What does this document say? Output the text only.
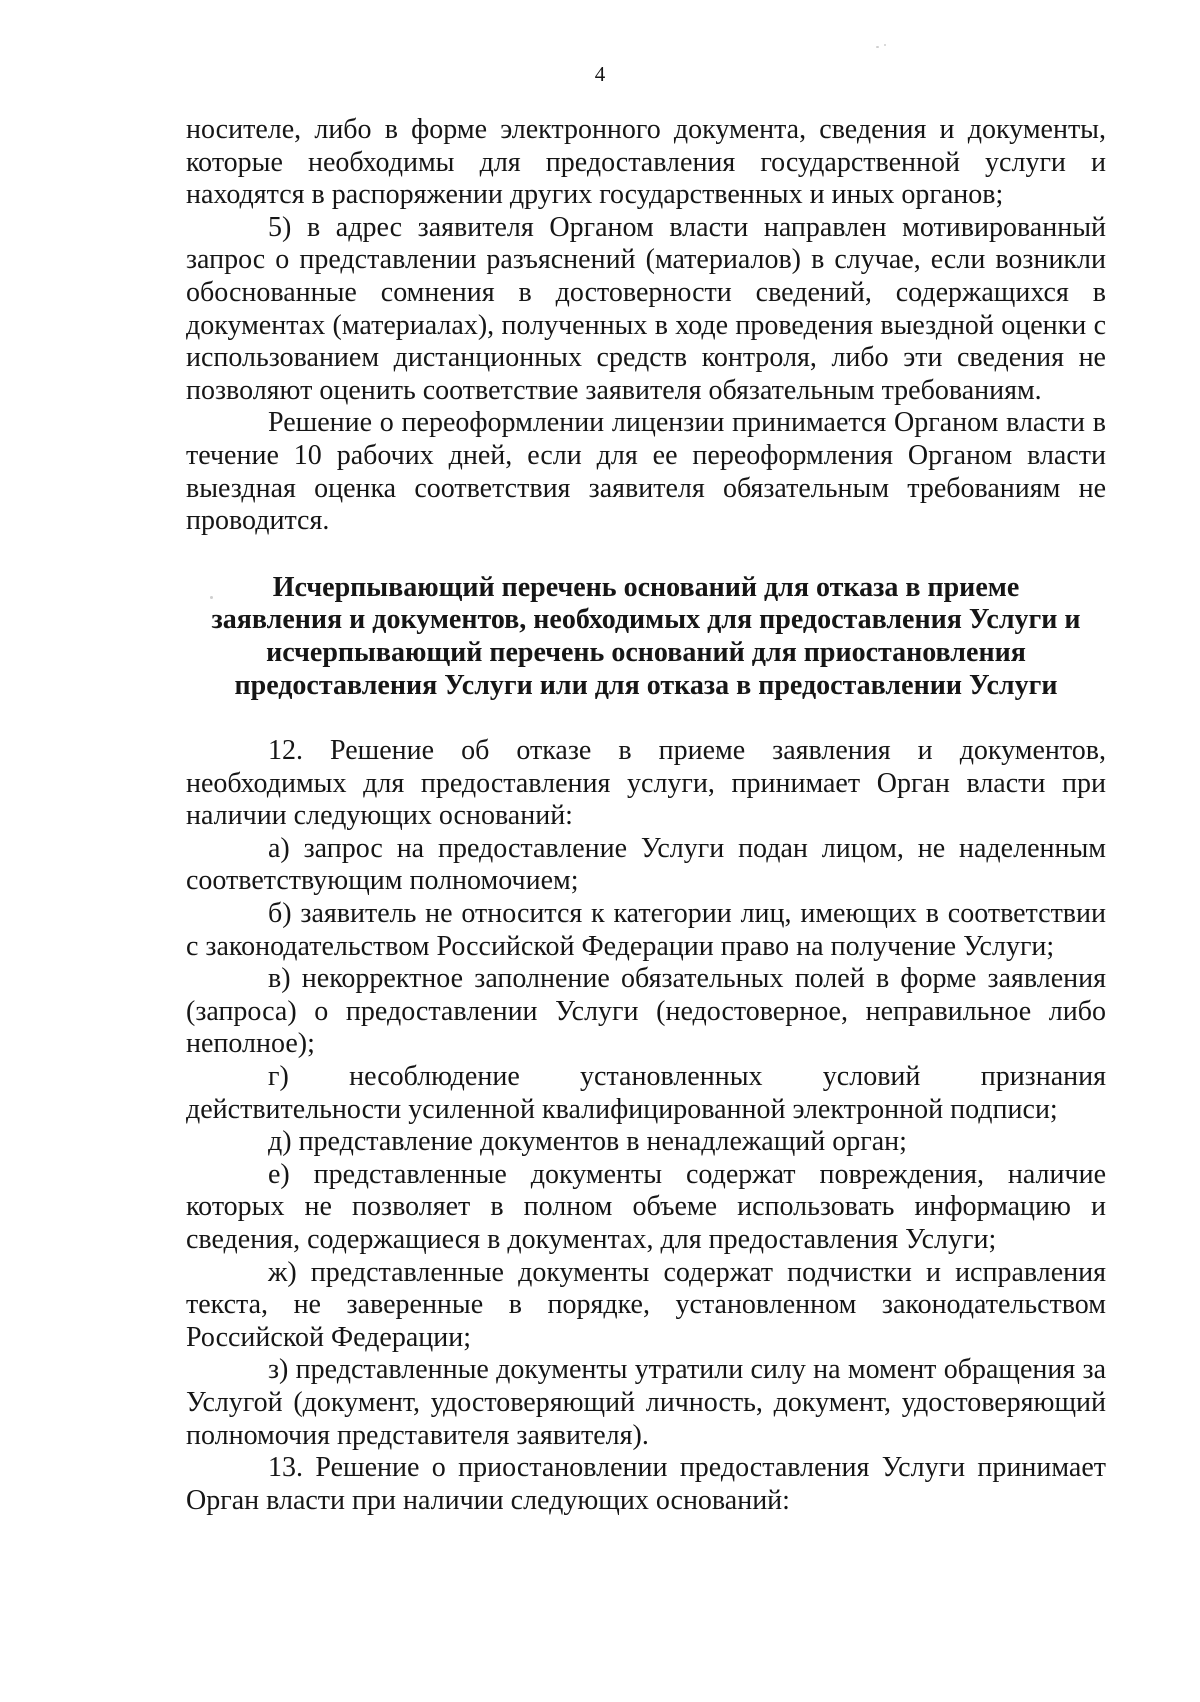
4

носителе, либо в форме электронного документа, сведения и документы, которые необходимы для предоставления государственной услуги и находятся в распоряжении других государственных и иных органов;

5) в адрес заявителя Органом власти направлен мотивированный запрос о представлении разъяснений (материалов) в случае, если возникли обоснованные сомнения в достоверности сведений, содержащихся в документах (материалах), полученных в ходе проведения выездной оценки с использованием дистанционных средств контроля, либо эти сведения не позволяют оценить соответствие заявителя обязательным требованиям.

Решение о переоформлении лицензии принимается Органом власти в течение 10 рабочих дней, если для ее переоформления Органом власти выездная оценка соответствия заявителя обязательным требованиям не проводится.

Исчерпывающий перечень оснований для отказа в приеме
заявления и документов, необходимых для предоставления Услуги и
исчерпывающий перечень оснований для приостановления
предоставления Услуги или для отказа в предоставлении Услуги

12. Решение об отказе в приеме заявления и документов, необходимых для предоставления услуги, принимает Орган власти при наличии следующих оснований:

а) запрос на предоставление Услуги подан лицом, не наделенным соответствующим полномочием;

б) заявитель не относится к категории лиц, имеющих в соответствии с законодательством Российской Федерации право на получение Услуги;

в) некорректное заполнение обязательных полей в форме заявления (запроса) о предоставлении Услуги (недостоверное, неправильное либо неполное);

г) несоблюдение установленных условий признания действительности усиленной квалифицированной электронной подписи;

д) представление документов в ненадлежащий орган;

е) представленные документы содержат повреждения, наличие которых не позволяет в полном объеме использовать информацию и сведения, содержащиеся в документах, для предоставления Услуги;

ж) представленные документы содержат подчистки и исправления текста, не заверенные в порядке, установленном законодательством Российской Федерации;

з) представленные документы утратили силу на момент обращения за Услугой (документ, удостоверяющий личность, документ, удостоверяющий полномочия представителя заявителя).

13. Решение о приостановлении предоставления Услуги принимает Орган власти при наличии следующих оснований:
